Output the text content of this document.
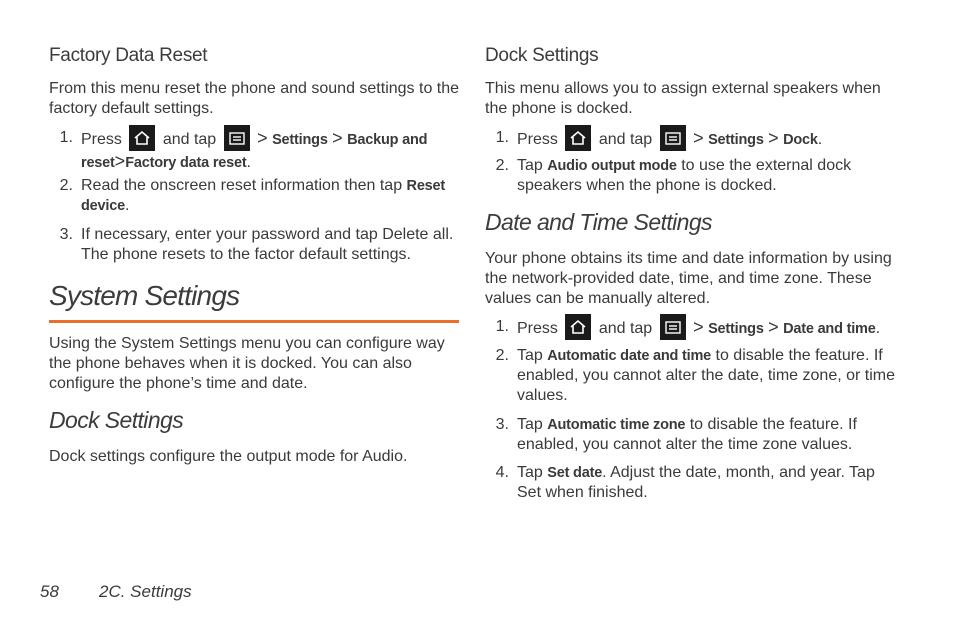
Factory Data Reset
From this menu reset the phone and sound settings to the factory default settings.
1. Press	and tap > Settings > Backup and reset>Factory data reset.
2. Read the onscreen reset information then tap Reset device.
3. If necessary, enter your password and tap Delete all. The phone resets to the factor default settings.
System Settings
Using the System Settings menu you can configure way the phone behaves when it is docked. You can also configure the phone’s time and date.
Dock Settings
Dock settings configure the output mode for Audio.
Dock Settings
This menu allows you to assign external speakers when the phone is docked.
1. Press	and tap > Settings > Dock.
2. Tap Audio output mode to use the external dock speakers when the phone is docked.
Date and Time Settings
Your phone obtains its time and date information by using the network-provided date, time, and time zone. These values can be manually altered.
1. Press	and tap > Settings > Date and time.
2. Tap Automatic date and time to disable the feature. If enabled, you cannot alter the date, time zone, or time values.
3. Tap Automatic time zone to disable the feature. If enabled, you cannot alter the time zone values.
4. Tap Set date. Adjust the date, month, and year. Tap Set when finished.
58 2C. Settings
